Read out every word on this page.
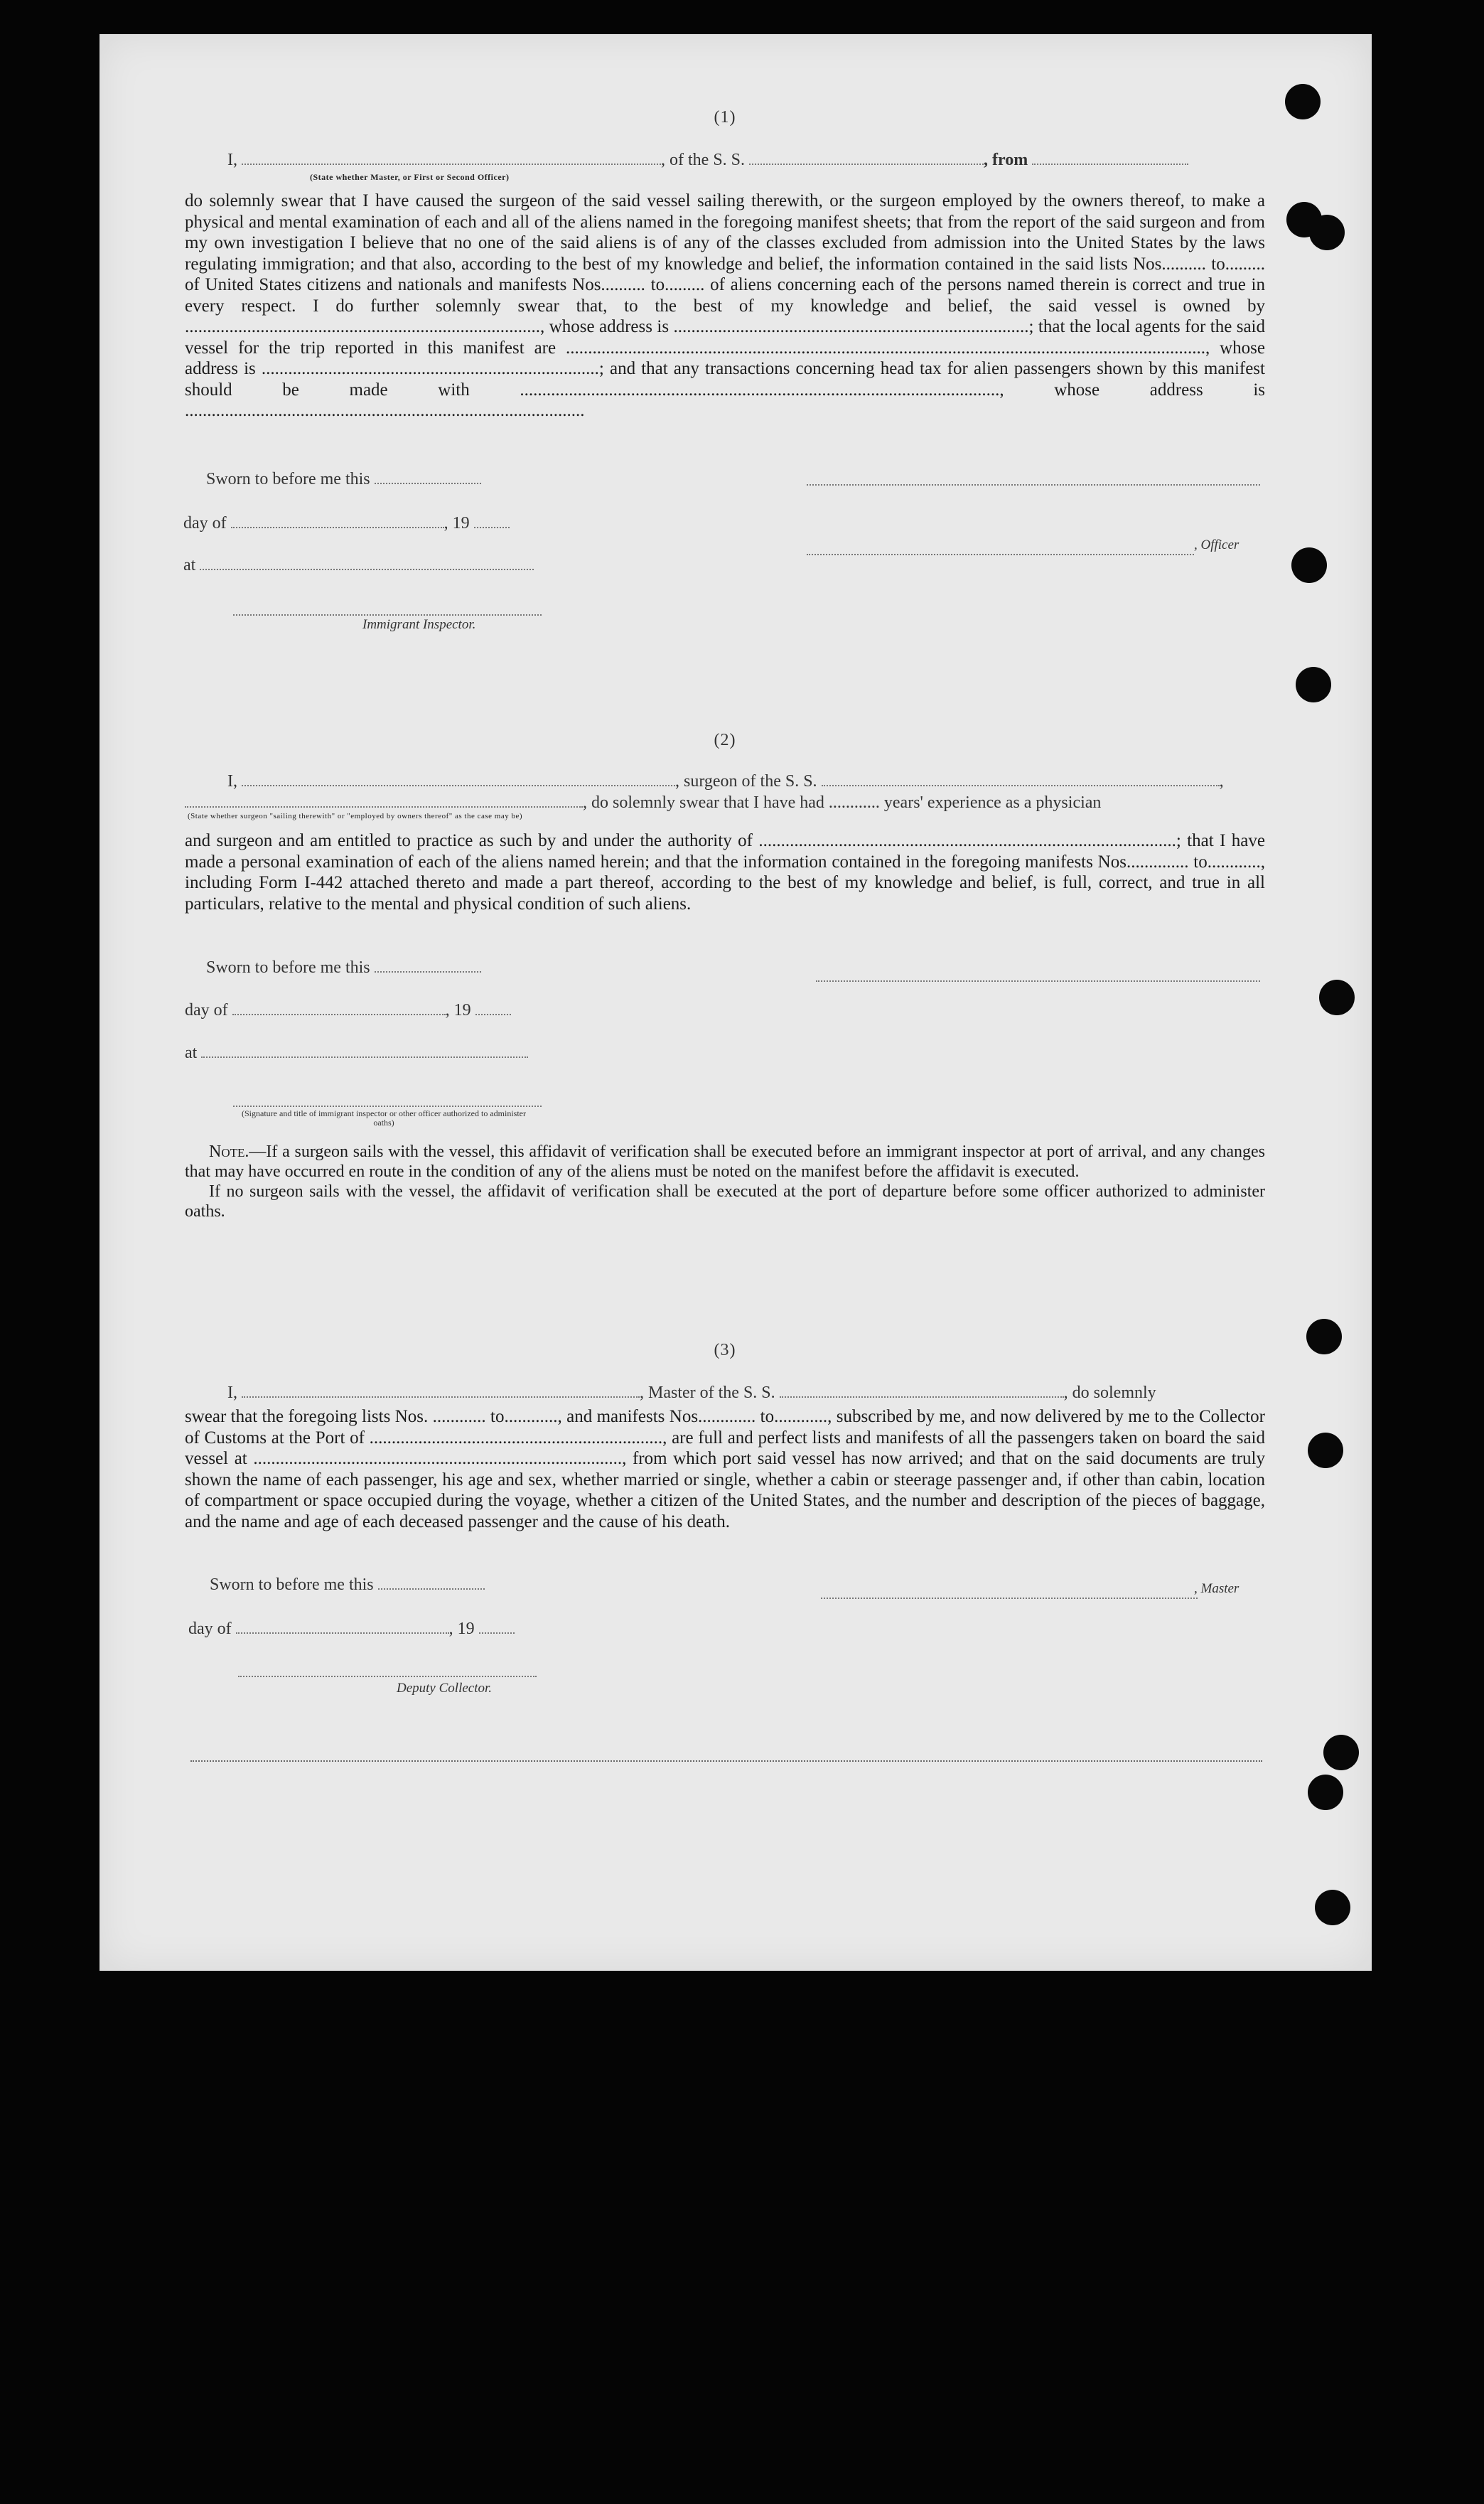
(1)
I,	, of the S. S.	, from
(State whether Master, or First or Second Officer)

do solemnly swear that I have caused the surgeon of the said vessel sailing therewith, or the surgeon employed by the owners thereof, to make a physical and mental examination of each and all of the aliens named in the foregoing manifest sheets; that from the report of the said surgeon and from my own investigation I believe that no one of the said aliens is of any of the classes excluded from admission into the United States by the laws regulating immigration; and that also, according to the best of my knowledge and belief, the information contained in the said lists Nos.......... to......... of United States citizens and nationals and manifests Nos.......... to......... of aliens concerning each of the persons named therein is correct and true in every respect. I do further solemnly swear that, to the best of my knowledge and belief, the said vessel is owned by ................................................................................, whose address is ................................................................................; that the local agents for the said vessel for the trip reported in this manifest are ................................................................................................................................................, whose address is ............................................................................; and that any transactions concerning head tax for alien passengers shown by this manifest should be made with ............................................................................................................, whose address is ..........................................................................................

Sworn to before me this
day of	, 19
at
Immigrant Inspector.
, Officer
(2)
I,	, surgeon of the S. S.	,
, do solemnly swear that I have had ............ years' experience as a physician
(State whether surgeon "sailing therewith" or "employed by owners thereof" as the case may be)

and surgeon and am entitled to practice as such by and under the authority of ..............................................................................................; that I have made a personal examination of each of the aliens named herein; and that the information contained in the foregoing manifests Nos.............. to............, including Form I-442 attached thereto and made a part thereof, according to the best of my knowledge and belief, is full, correct, and true in all particulars, relative to the mental and physical condition of such aliens.

Sworn to before me this
day of	, 19
at
(Signature and title of immigrant inspector or other officer authorized to administer oaths)

Note.—If a surgeon sails with the vessel, this affidavit of verification shall be executed before an immigrant inspector at port of arrival, and any changes that may have occurred en route in the condition of any of the aliens must be noted on the manifest before the affidavit is executed.

If no surgeon sails with the vessel, the affidavit of verification shall be executed at the port of departure before some officer authorized to administer oaths.

(3)
I,	, Master of the S. S.	, do solemnly

swear that the foregoing lists Nos. ............ to............, and manifests Nos............. to............, subscribed by me, and now delivered by me to the Collector of Customs at the Port of .................................................................., are full and perfect lists and manifests of all the passengers taken on board the said vessel at ..................................................................................., from which port said vessel has now arrived; and that on the said documents are truly shown the name of each passenger, his age and sex, whether married or single, whether a cabin or steerage passenger and, if other than cabin, location of compartment or space occupied during the voyage, whether a citizen of the United States, and the number and description of the pieces of baggage, and the name and age of each deceased passenger and the cause of his death.

Sworn to before me this
day of	, 19
Deputy Collector.
, Master
